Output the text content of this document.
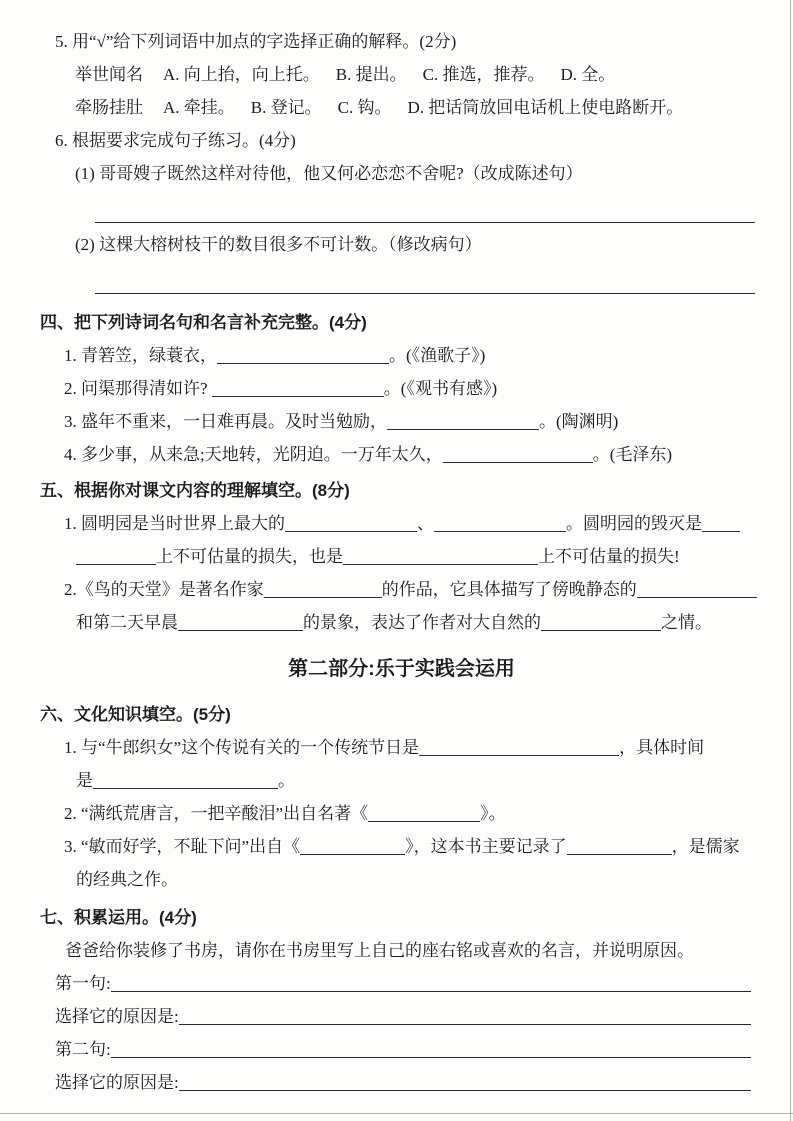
5. 用“√”给下列词语中加点的字选择正确的解释。(2分)
举 •世闻名 A. 向上抬，向上托。 B. 提出。 C. 推选，推荐。 D. 全。
牵肠挂 •肚 A. 牵挂。 B. 登记。 C. 钩。 D. 把话筒放回电话机上使电路断开。
6. 根据要求完成句子练习。(4分)
(1) 哥哥嫂子既然这样对待他，他又何必恋恋不舍呢?（改成陈述句）
(2) 这棵大榕树枝干的数目很多不可计数。（修改病句）
四、把下列诗词名句和名言补充完整。(4分)
1. 青箬笠，绿蓑衣，	。(《渔歌子》)
2. 问渠那得清如许?	。(《观书有感》)
3. 盛年不重来，一日难再晨。及时当勉励，	。(陶渊明)
4. 多少事，从来急;天地转，光阴迫。一万年太久，	。(毛泽东)
五、根据你对课文内容的理解填空。(8分)
1. 圆明园是当时世界上最大的	、	。圆明园的毁灭是
上不可估量的损失，也是	上不可估量的损失!
2.《鸟的天堂》是著名作家	的作品，它具体描写了傍晚静态的
和第二天早晨	的景象，表达了作者对大自然的	之情。
第二部分:乐于实践会运用
六、文化知识填空。(5分)
1. 与“牛郎织女”这个传说有关的一个传统节日是	，具体时间
是	。
2. “满纸荒唐言，一把辛酸泪”出自名著《	》。
3. “敏而好学，不耻下问”出自《	》，这本书主要记录了	，是儒家
的经典之作。
七、积累运用。(4分)
爸爸给你装修了书房，请你在书房里写上自己的座右铭或喜欢的名言，并说明原因。
第一句:
选择它的原因是:
第二句:
选择它的原因是:
